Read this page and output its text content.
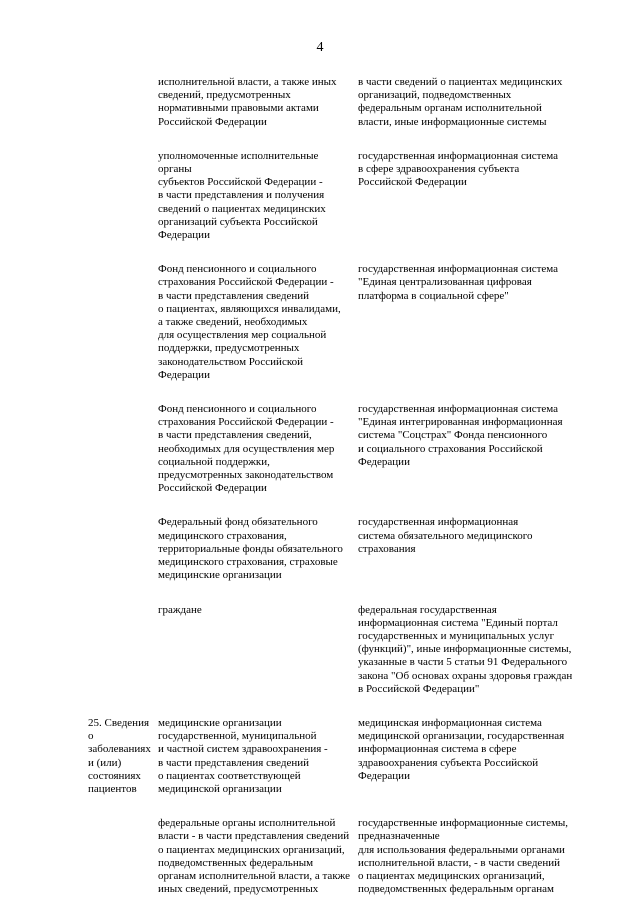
4
исполнительной власти, а также иных
сведений, предусмотренных
нормативными правовыми актами
Российской Федерации
в части сведений о пациентах медицинских
организаций, подведомственных
федеральным органам исполнительной
власти, иные информационные системы
уполномоченные исполнительные органы
субъектов Российской Федерации -
в части представления и получения
сведений о пациентах медицинских
организаций субъекта Российской
Федерации
государственная информационная система
в сфере здравоохранения субъекта
Российской Федерации
Фонд пенсионного и социального
страхования Российской Федерации -
в части представления сведений
о пациентах, являющихся инвалидами,
а также сведений, необходимых
для осуществления мер социальной
поддержки, предусмотренных
законодательством Российской
Федерации
государственная информационная система
"Единая централизованная цифровая
платформа в социальной сфере"
Фонд пенсионного и социального
страхования Российской Федерации -
в части представления сведений,
необходимых для осуществления мер
социальной поддержки,
предусмотренных законодательством
Российской Федерации
государственная информационная система
"Единая интегрированная информационная
система "Соцстрах" Фонда пенсионного
и социального страхования Российской
Федерации
Федеральный фонд обязательного
медицинского страхования,
территориальные фонды обязательного
медицинского страхования, страховые
медицинские организации
государственная информационная
система обязательного медицинского
страхования
граждане	федеральная государственная
информационная система "Единый портал
государственных и муниципальных услуг
(функций)", иные информационные системы,
указанные в части 5 статьи 91 Федерального
закона "Об основах охраны здоровья граждан
в Российской Федерации"
25. Сведения
о заболеваниях
и (или)
состояниях
пациентов
медицинские организации
государственной, муниципальной
и частной систем здравоохранения -
в части представления сведений
о пациентах соответствующей
медицинской организации
медицинская информационная система
медицинской организации, государственная
информационная система в сфере
здравоохранения субъекта Российской
Федерации
федеральные органы исполнительной
власти - в части представления сведений
о пациентах медицинских организаций,
подведомственных федеральным
органам исполнительной власти, а также
иных сведений, предусмотренных
государственные информационные системы,
предназначенные
для использования федеральными органами
исполнительной власти, - в части сведений
о пациентах медицинских организаций,
подведомственных федеральным органам
